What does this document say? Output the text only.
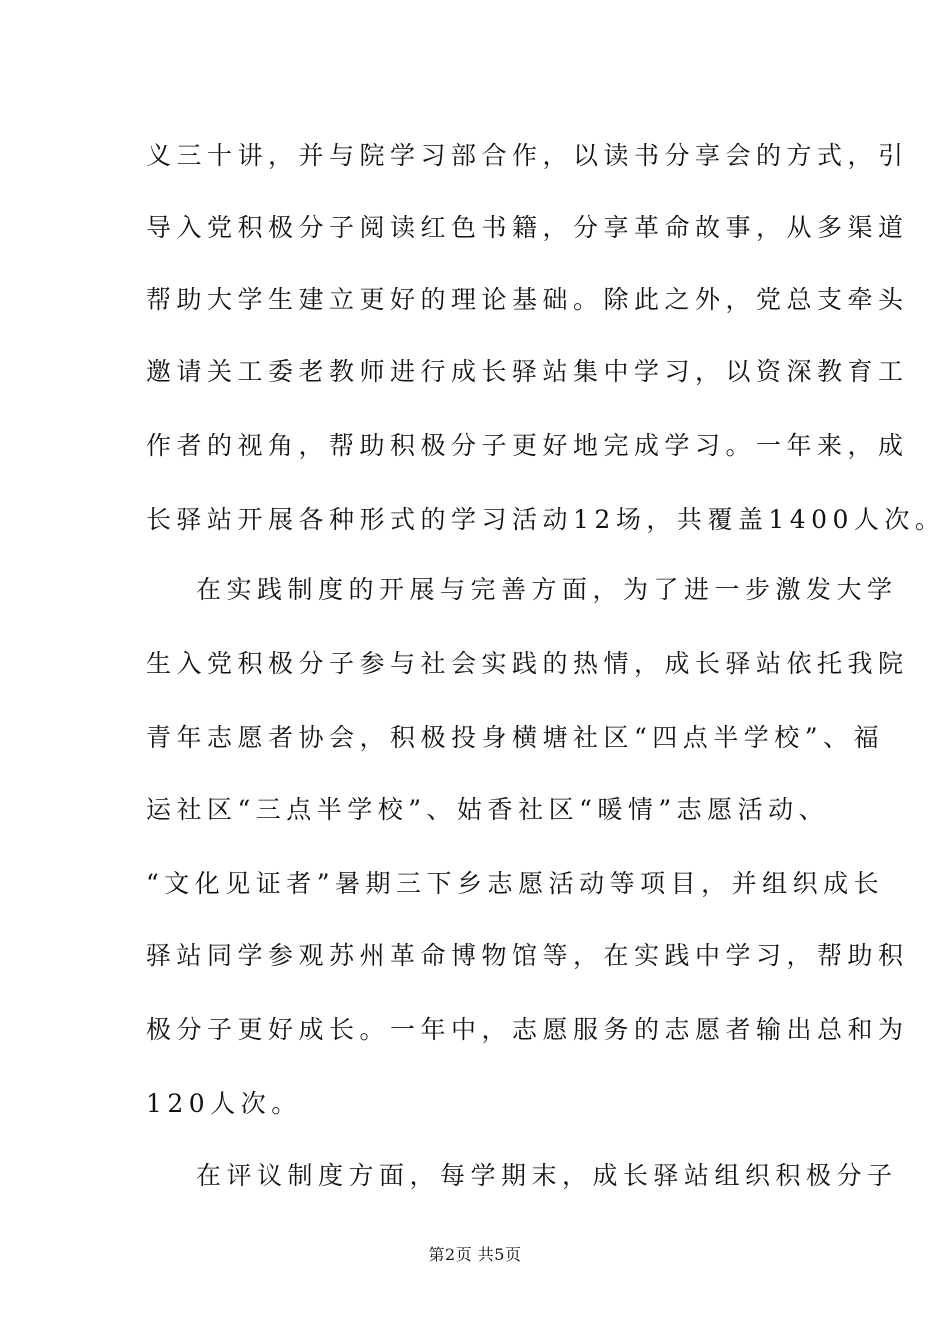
义三十讲，并与院学习部合作，以读书分享会的方式，引
导入党积极分子阅读红色书籍，分享革命故事，从多渠道
帮助大学生建立更好的理论基础。除此之外，党总支牵头
邀请关工委老教师进行成长驿站集中学习，以资深教育工
作者的视角，帮助积极分子更好地完成学习。一年来，成
长驿站开展各种形式的学习活动12场，共覆盖1400人次。
在实践制度的开展与完善方面，为了进一步激发大学
生入党积极分子参与社会实践的热情，成长驿站依托我院
青年志愿者协会，积极投身横塘社区“四点半学校”、福
运社区“三点半学校”、姑香社区“暖情”志愿活动、
“文化见证者”暑期三下乡志愿活动等项目，并组织成长
驿站同学参观苏州革命博物馆等，在实践中学习，帮助积
极分子更好成长。一年中，志愿服务的志愿者输出总和为
120人次。
在评议制度方面，每学期末，成长驿站组织积极分子
第2页 共5页
